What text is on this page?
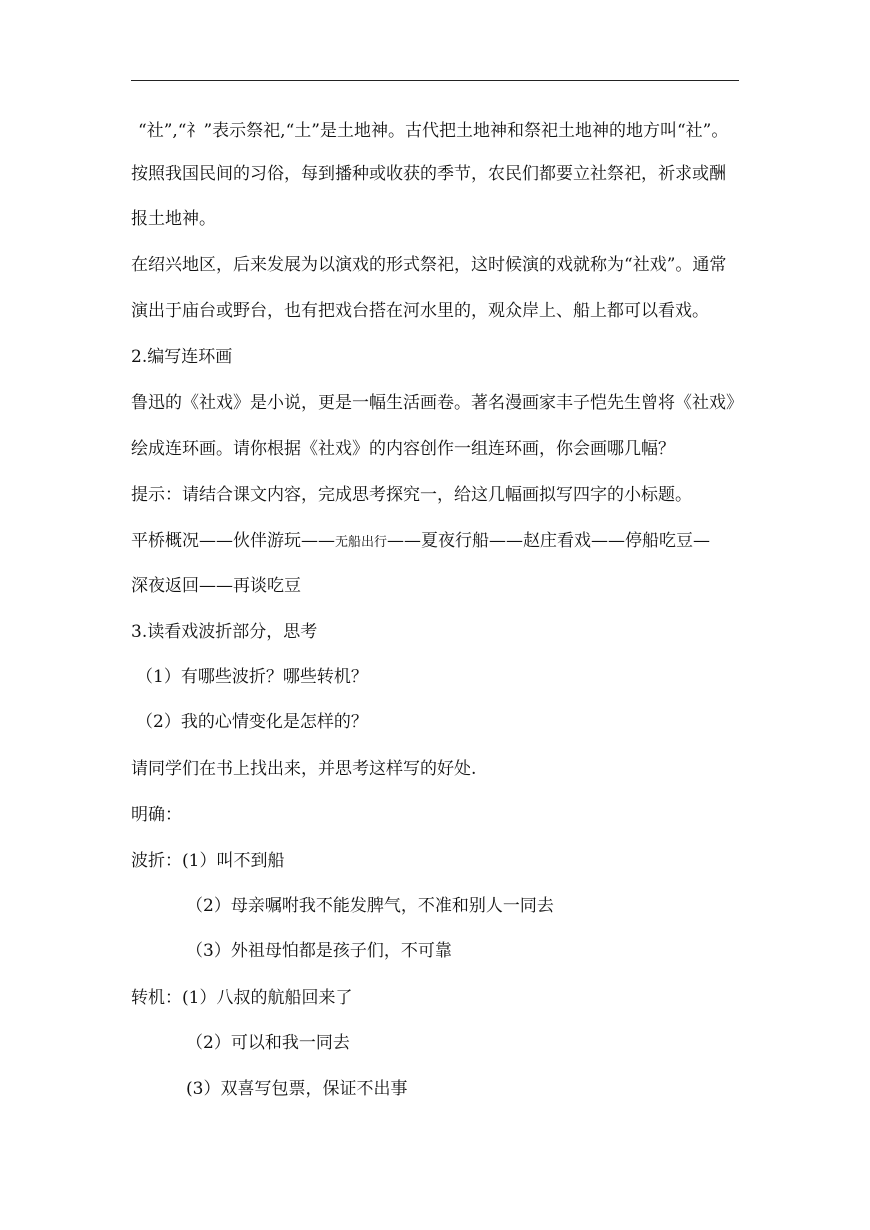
“社”,“礻”表示祭祀,“土”是土地神。古代把土地神和祭祀土地神的地方叫“社”。
按照我国民间的习俗，每到播种或收获的季节，农民们都要立社祭祀，祈求或酬
报土地神。
在绍兴地区，后来发展为以演戏的形式祭祀，这时候演的戏就称为“社戏”。通常
演出于庙台或野台，也有把戏台搭在河水里的，观众岸上、船上都可以看戏。
2.编写连环画
鲁迅的《社戏》是小说，更是一幅生活画卷。著名漫画家丰子恺先生曾将《社戏》
绘成连环画。请你根据《社戏》的内容创作一组连环画，你会画哪几幅？
提示：请结合课文内容，完成思考探究一，给这几幅画拟写四字的小标题。
平桥概况——伙伴游玩——无船出行——夏夜行船——赵庄看戏——停船吃豆—
深夜返回——再谈吃豆
3.读看戏波折部分，思考
（1）有哪些波折？哪些转机？
（2）我的心情变化是怎样的？
请同学们在书上找出来，并思考这样写的好处.
明确：
波折：(1）叫不到船
（2）母亲嘱咐我不能发脾气，不准和别人一同去
（3）外祖母怕都是孩子们，不可靠
转机：(1）八叔的航船回来了
（2）可以和我一同去
(3）双喜写包票，保证不出事
